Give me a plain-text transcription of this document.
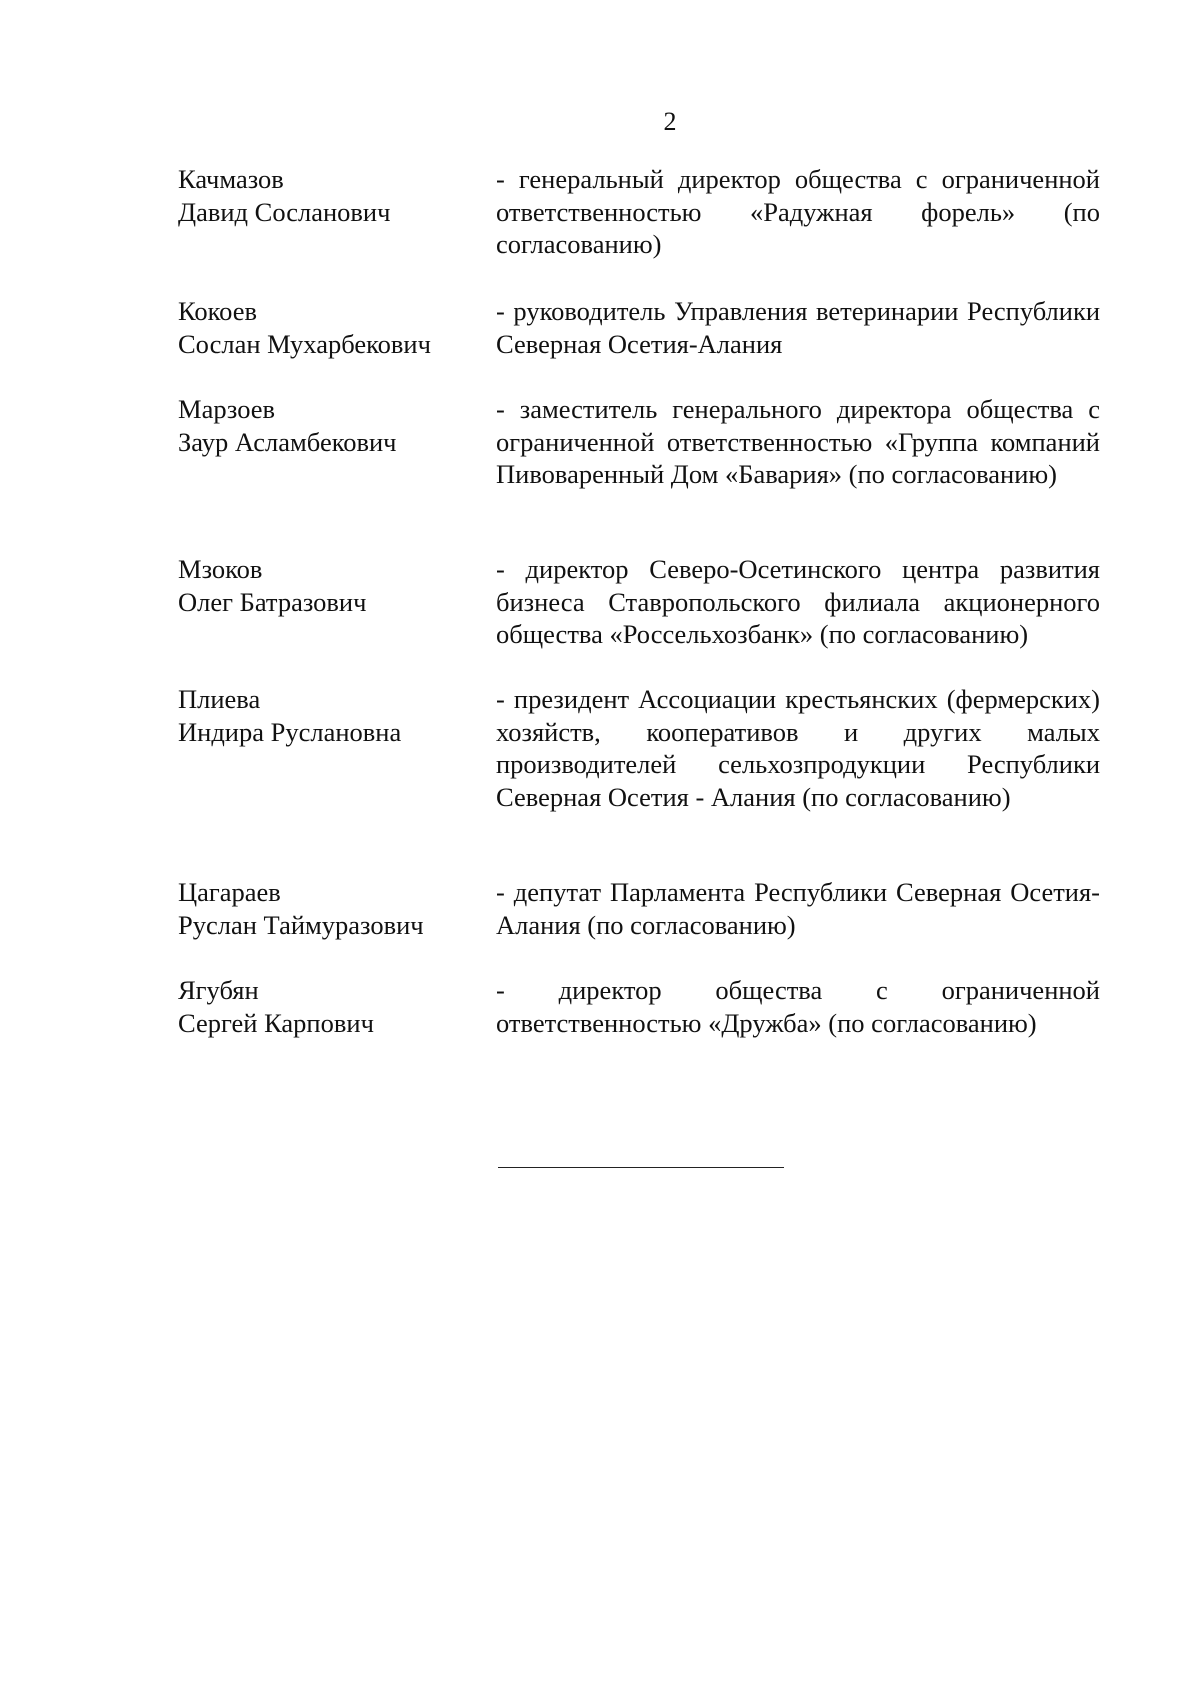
2
Качмазов
Давид Сосланович
- генеральный директор общества с ограниченной ответственностью «Радужная форель» (по согласованию)
Кокоев
Сослан Мухарбекович
- руководитель Управления ветеринарии Республики Северная Осетия-Алания
Марзоев
Заур Асламбекович
- заместитель генерального директора общества с ограниченной ответственностью «Группа компаний Пивоваренный Дом «Бавария» (по согласованию)
Мзоков
Олег Батразович
- директор Северо-Осетинского центра развития бизнеса Ставропольского филиала акционерного общества «Россельхозбанк» (по согласованию)
Плиева
Индира Руслановна
- президент Ассоциации крестьянских (фермерских) хозяйств, кооперативов и других малых производителей сельхозпродукции Республики Северная Осетия - Алания (по согласованию)
Цагараев
Руслан Таймуразович
- депутат Парламента Республики Северная Осетия-Алания (по согласованию)
Ягубян
Сергей Карпович
- директор общества с ограниченной ответственностью «Дружба» (по согласованию)
